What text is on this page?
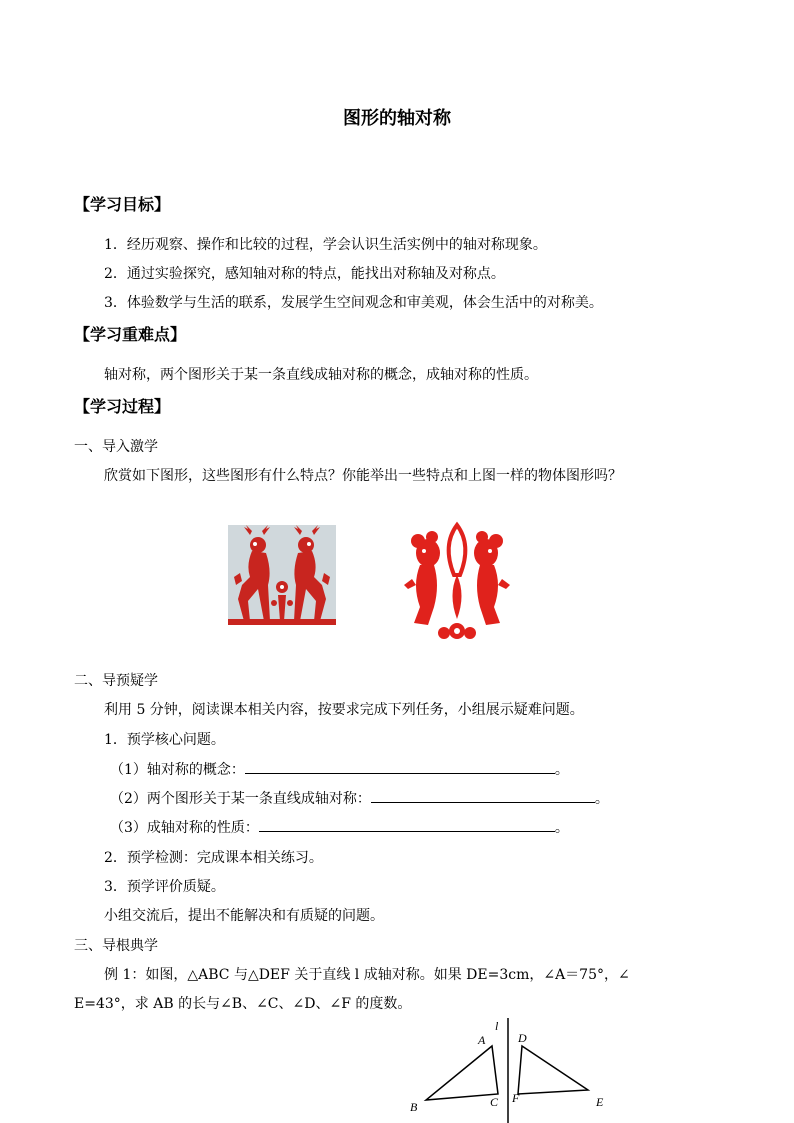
图形的轴对称
【学习目标】
1．经历观察、操作和比较的过程，学会认识生活实例中的轴对称现象。
2．通过实验探究，感知轴对称的特点，能找出对称轴及对称点。
3．体验数学与生活的联系，发展学生空间观念和审美观，体会生活中的对称美。
【学习重难点】
轴对称，两个图形关于某一条直线成轴对称的概念，成轴对称的性质。
【学习过程】
一、导入激学
欣赏如下图形，这些图形有什么特点？你能举出一些特点和上图一样的物体图形吗？
二、导预疑学
利用 5 分钟，阅读课本相关内容，按要求完成下列任务，小组展示疑难问题。
1．预学核心问题。
（1）轴对称的概念：	。
（2）两个图形关于某一条直线成轴对称：	。
（3）成轴对称的性质：	。
2．预学检测：完成课本相关练习。
3．预学评价质疑。
小组交流后，提出不能解决和有质疑的问题。
三、导根典学
例 1：如图，△ABC 与△DEF 关于直线 l 成轴对称。如果 DE=3cm，∠A＝75°，∠
E=43°，求 AB 的长与∠B、∠C、∠D、∠F 的度数。
l
A
B	C
D
E
F
